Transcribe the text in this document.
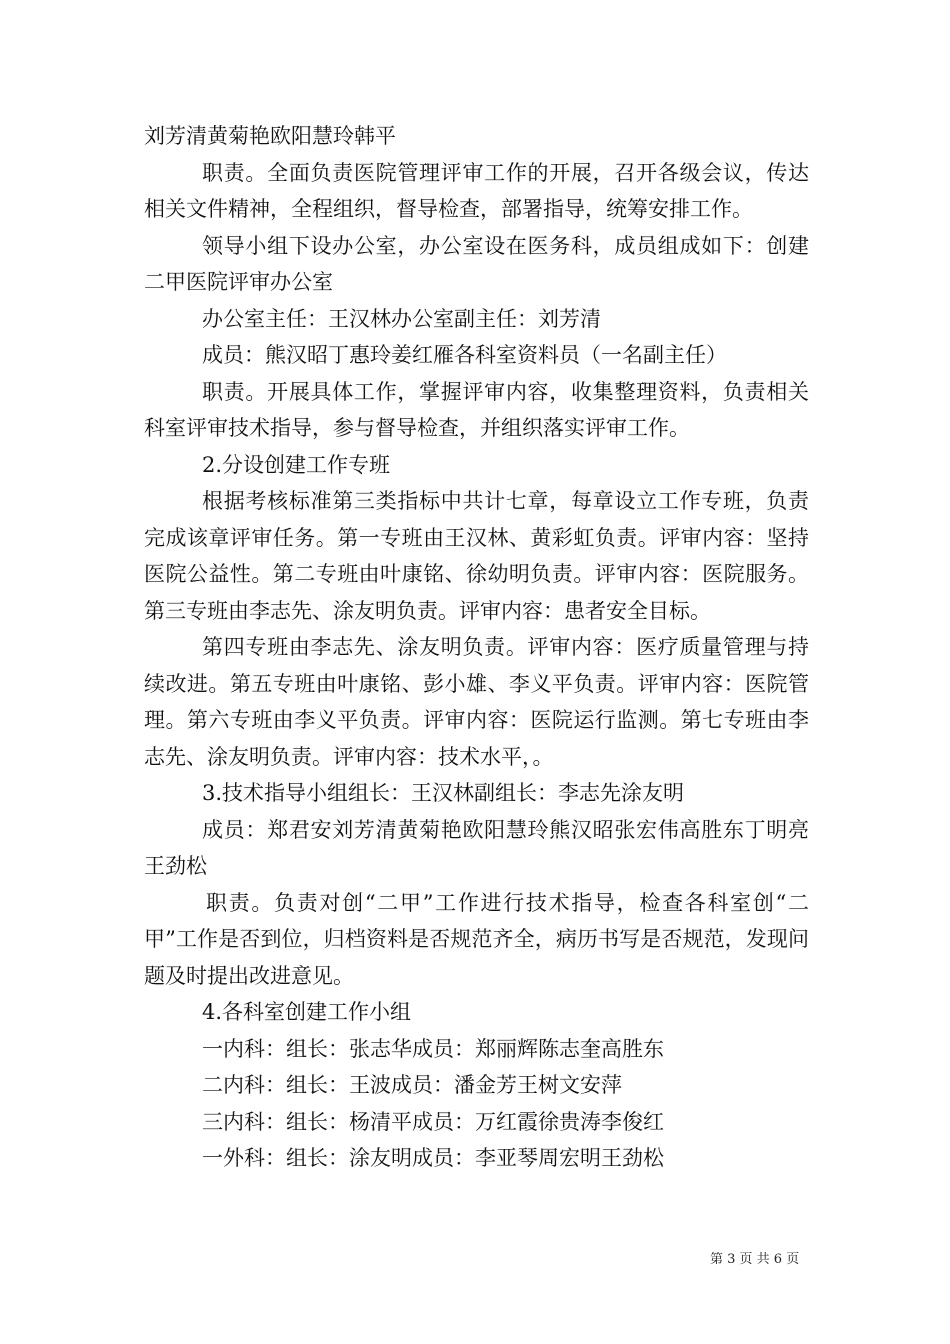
刘芳清黄菊艳欧阳慧玲韩平

职责。全面负责医院管理评审工作的开展，召开各级会议，传达相关文件精神，全程组织，督导检查，部署指导，统筹安排工作。

领导小组下设办公室，办公室设在医务科，成员组成如下：创建二甲医院评审办公室

办公室主任：王汉林办公室副主任：刘芳清

成员：熊汉昭丁惠玲姜红雁各科室资料员（一名副主任）

职责。开展具体工作，掌握评审内容，收集整理资料，负责相关科室评审技术指导，参与督导检查，并组织落实评审工作。

2.分设创建工作专班

根据考核标准第三类指标中共计七章，每章设立工作专班，负责完成该章评审任务。第一专班由王汉林、黄彩虹负责。评审内容：坚持医院公益性。第二专班由叶康铭、徐幼明负责。评审内容：医院服务。第三专班由李志先、涂友明负责。评审内容：患者安全目标。

第四专班由李志先、涂友明负责。评审内容：医疗质量管理与持续改进。第五专班由叶康铭、彭小雄、李义平负责。评审内容：医院管理。第六专班由李义平负责。评审内容：医院运行监测。第七专班由李志先、涂友明负责。评审内容：技术水平，。

3.技术指导小组组长：王汉林副组长：李志先涂友明

成员：郑君安刘芳清黄菊艳欧阳慧玲熊汉昭张宏伟高胜东丁明亮王劲松

职责。负责对创“二甲”工作进行技术指导，检查各科室创“二甲”工作是否到位，归档资料是否规范齐全，病历书写是否规范，发现问题及时提出改进意见。

4.各科室创建工作小组

一内科：组长：张志华成员：郑丽辉陈志奎高胜东

二内科：组长：王波成员：潘金芳王树文安萍

三内科：组长：杨清平成员：万红霞徐贵涛李俊红

一外科：组长：涂友明成员：李亚琴周宏明王劲松

第 3 页 共 6 页
